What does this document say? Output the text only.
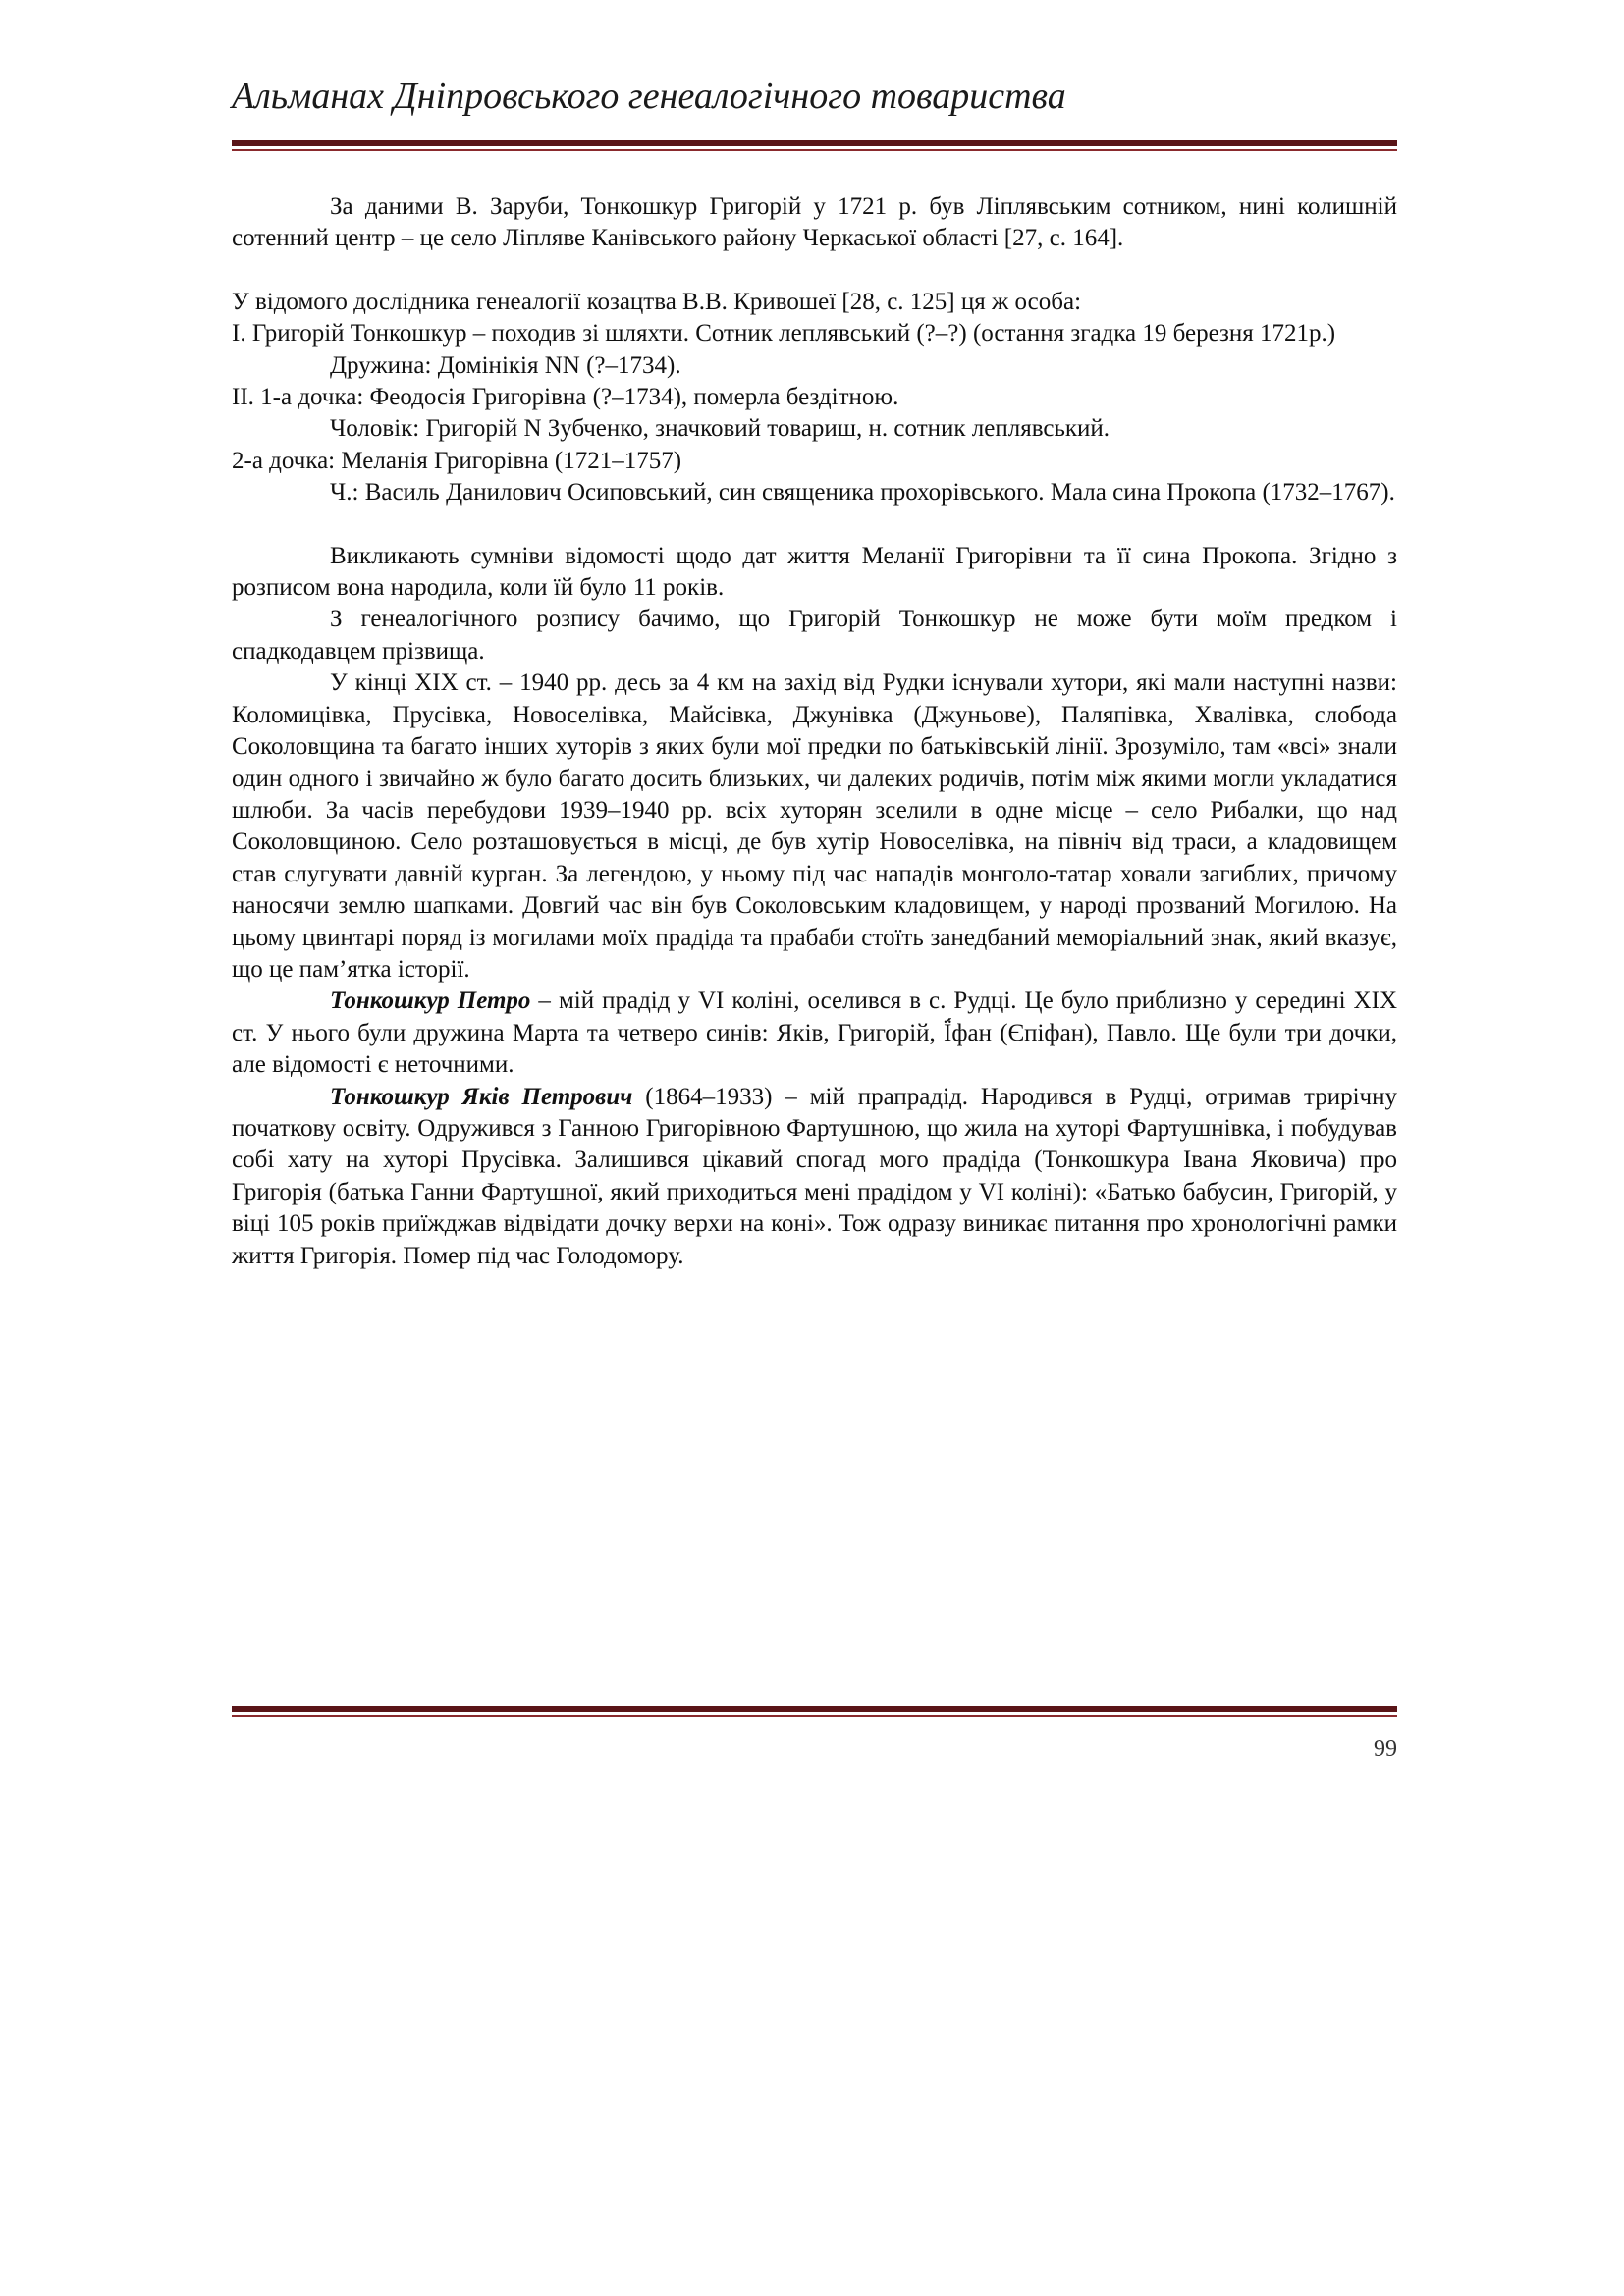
Альманах Дніпровського генеалогічного товариства

За даними В. Заруби, Тонкошкур Григорій у 1721 р. був Ліплявським сотником, нині колишній сотенний центр – це село Ліпляве Канівського району Черкаської області [27, с. 164].

У відомого дослідника генеалогії козацтва В.В. Кривошеї [28, с. 125] ця ж особа:

І. Григорій Тонкошкур – походив зі шляхти. Сотник леплявський (?–?) (остання згадка 19 березня 1721р.)

Дружина: Домінікія NN (?–1734).

ІІ. 1-а дочка: Феодосія Григорівна (?–1734), померла бездітною.

Чоловік: Григорій N Зубченко, значковий товариш, н. сотник леплявський.

2-а дочка: Меланія Григорівна (1721–1757)

Ч.: Василь Данилович Осиповський, син священика прохорівського. Мала сина Прокопа (1732–1767).

Викликають сумніви відомості щодо дат життя Меланії Григорівни та її сина Прокопа. Згідно з розписом вона народила, коли їй було 11 років.

З генеалогічного розпису бачимо, що Григорій Тонкошкур не може бути моїм предком і спадкодавцем прізвища.

У кінці ХІХ ст. – 1940 рр. десь за 4 км на захід від Рудки існували хутори, які мали наступні назви: Коломицівка, Прусівка, Новоселівка, Майсівка, Джунівка (Джуньове), Паляпівка, Хвалівка, слобода Соколовщина та багато інших хуторів з яких були мої предки по батьківській лінії. Зрозуміло, там «всі» знали один одного і звичайно ж було багато досить близьких, чи далеких родичів, потім між якими могли укладатися шлюби. За часів перебудови 1939–1940 рр. всіх хуторян зселили в одне місце – село Рибалки, що над Соколовщиною. Село розташовується в місці, де був хутір Новоселівка, на північ від траси, а кладовищем став слугувати давній курган. За легендою, у ньому під час нападів монголо-татар ховали загиблих, причому наносячи землю шапками. Довгий час він був Соколовським кладовищем, у народі прозваний Могилою. На цьому цвинтарі поряд із могилами моїх прадіда та прабаби стоїть занедбаний меморіальний знак, який вказує, що це пам’ятка історії.

Тонкошкур Петро – мій прадід у VI коліні, оселився в с. Рудці. Це було приблизно у середині ХІХ ст. У нього були дружина Марта та четверо синів: Яків, Григорій, Ї́фан (Єпіфан), Павло. Ще були три дочки, але відомості є неточними.

Тонкошкур Яків Петрович (1864–1933) – мій прапрадід. Народився в Рудці, отримав трирічну початкову освіту. Одружився з Ганною Григорівною Фартушною, що жила на хуторі Фартушнівка, і побудував собі хату на хуторі Прусівка. Залишився цікавий спогад мого прадіда (Тонкошкура Івана Яковича) про Григорія (батька Ганни Фартушної, який приходиться мені прадідом у VI коліні): «Батько бабусин, Григорій, у віці 105 років приїжджав відвідати дочку верхи на коні». Тож одразу виникає питання про хронологічні рамки життя Григорія. Помер під час Голодомору.

99
